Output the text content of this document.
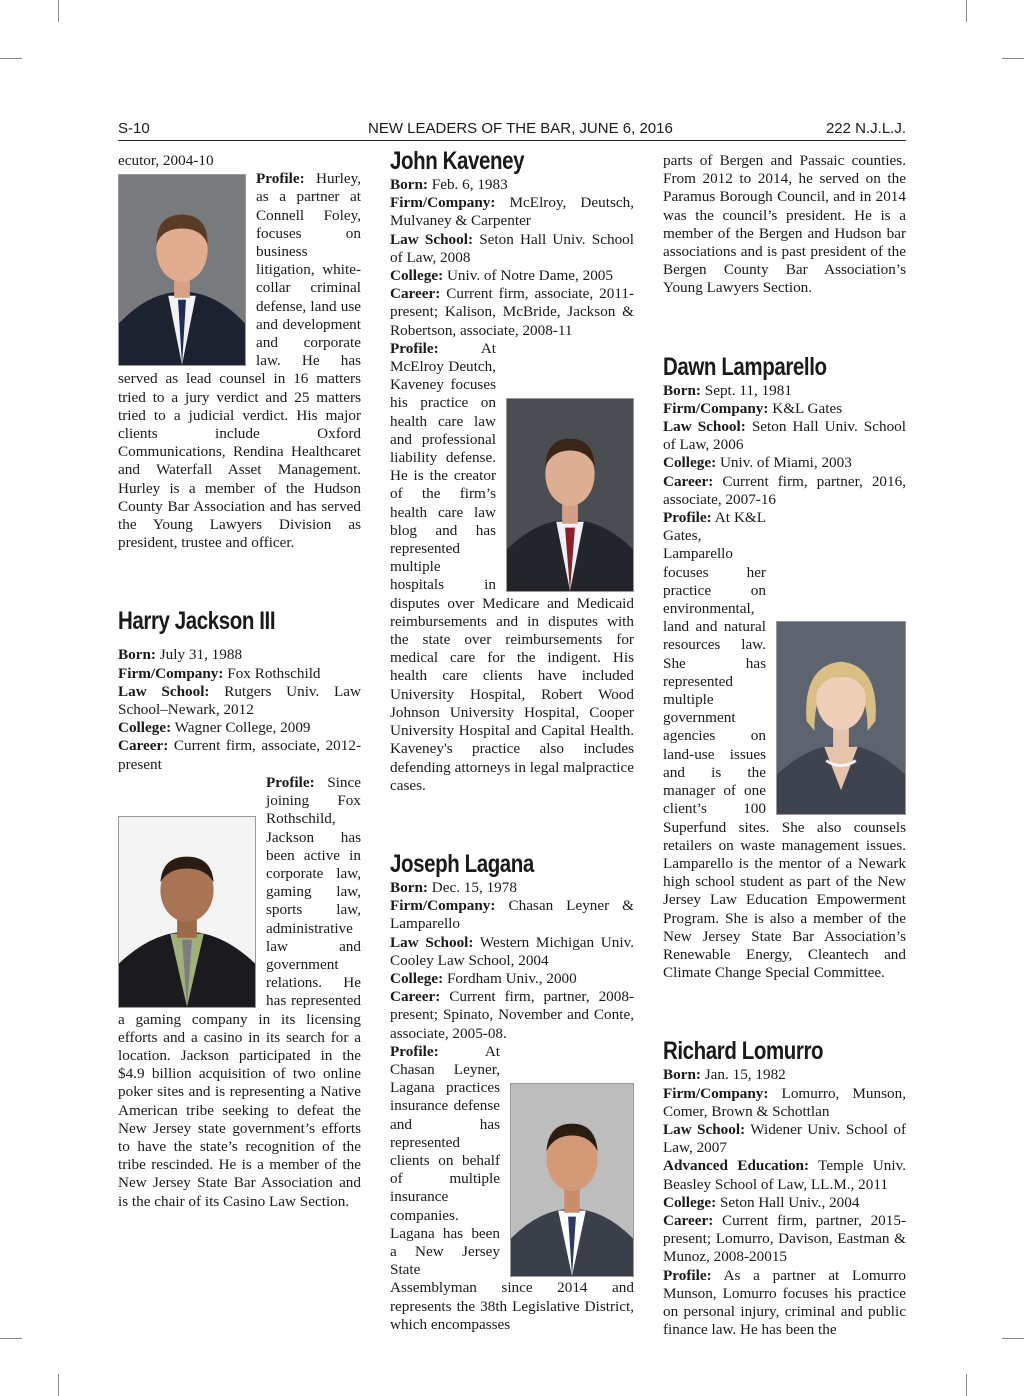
S-10	NEW LEADERS OF THE BAR, JUNE 6, 2016	222 N.J.L.J.

ecutor, 2004-10

Profile: Hurley, as a partner at Connell Foley, focuses on business litigation, white-collar criminal defense, land use and development and corporate law. He has served as lead counsel in 16 matters tried to a jury verdict and 25 matters tried to a judicial verdict. His major clients include Oxford Communications, Rendina Healthcaret and Waterfall Asset Management. Hurley is a member of the Hudson County Bar Association and has served the Young Lawyers Division as president, trustee and officer.

Harry Jackson III

Born: July 31, 1988

Firm/Company: Fox Rothschild

Law School: Rutgers Univ. Law School–Newark, 2012

College: Wagner College, 2009

Career: Current firm, associate, 2012-present

Profile: Since joining Fox Rothschild, Jackson has been active in corporate law, gaming law, sports law, administrative law and government relations. He has represented a gaming company in its licensing efforts and a casino in its search for a location. Jackson participated in the $4.9 billion acquisition of two online poker sites and is representing a Native American tribe seeking to defeat the New Jersey state government’s efforts to have the state’s recognition of the tribe rescinded. He is a member of the New Jersey State Bar Association and is the chair of its Casino Law Section.

John Kaveney

Born: Feb. 6, 1983

Firm/Company: McElroy, Deutsch, Mulvaney & Carpenter

Law School: Seton Hall Univ. School of Law, 2008

College: Univ. of Notre Dame, 2005

Career: Current firm, associate, 2011-present; Kalison, McBride, Jackson & Robertson, associate, 2008-11

Profile:	At McElroy Deutch, Kaveney focuses his practice on health care law and professional liability defense. He is the creator of the firm’s health care law blog and has represented multiple hospitals in disputes over Medicare and Medicaid reimbursements and in disputes with the state over reimbursements for medical care for the indigent. His health care clients have included University Hospital, Robert Wood Johnson University Hospital, Cooper University Hospital and Capital Health. Kaveney's practice also includes defending attorneys in legal malpractice cases.

Joseph Lagana

Born: Dec. 15, 1978

Firm/Company: Chasan Leyner & Lamparello

Law School: Western Michigan Univ. Cooley Law School, 2004

College: Fordham Univ., 2000

Career: Current firm, partner, 2008-present; Spinato, November and Conte, associate, 2005-08.

Profile:	At Chasan Leyner, Lagana practices insurance defense and has represented clients on behalf of multiple insurance companies. Lagana has been a New Jersey State Assemblyman since 2014 and represents the 38th Legislative District, which encompasses

parts of Bergen and Passaic counties. From 2012 to 2014, he served on the Paramus Borough Council, and in 2014 was the council’s president. He is a member of the Bergen and Hudson bar associations and is past president of the Bergen County Bar Association’s Young Lawyers Section.

Dawn Lamparello

Born: Sept. 11, 1981

Firm/Company: K&L Gates

Law School: Seton Hall Univ. School of Law, 2006

College: Univ. of Miami, 2003

Career: Current firm, partner, 2016, associate, 2007-16

Profile: At K&L Gates, Lamparello focuses her practice on environmental, land and natural resources law. She has represented multiple government agencies on land-use issues and is the manager of one client’s 100 Superfund sites. She also counsels retailers on waste management issues. Lamparello is the mentor of a Newark high school student as part of the New Jersey Law Education Empowerment Program. She is also a member of the New Jersey State Bar Association’s Renewable Energy, Cleantech and Climate Change Special Committee.

Richard Lomurro

Born: Jan. 15, 1982

Firm/Company: Lomurro, Munson, Comer, Brown & Schottlan

Law School: Widener Univ. School of Law, 2007

Advanced Education: Temple Univ. Beasley School of Law, LL.M., 2011

College: Seton Hall Univ., 2004

Career: Current firm, partner, 2015-present; Lomurro, Davison, Eastman & Munoz, 2008-20015

Profile: As a partner at Lomurro Munson, Lomurro focuses his practice on personal injury, criminal and public finance law. He has been the
